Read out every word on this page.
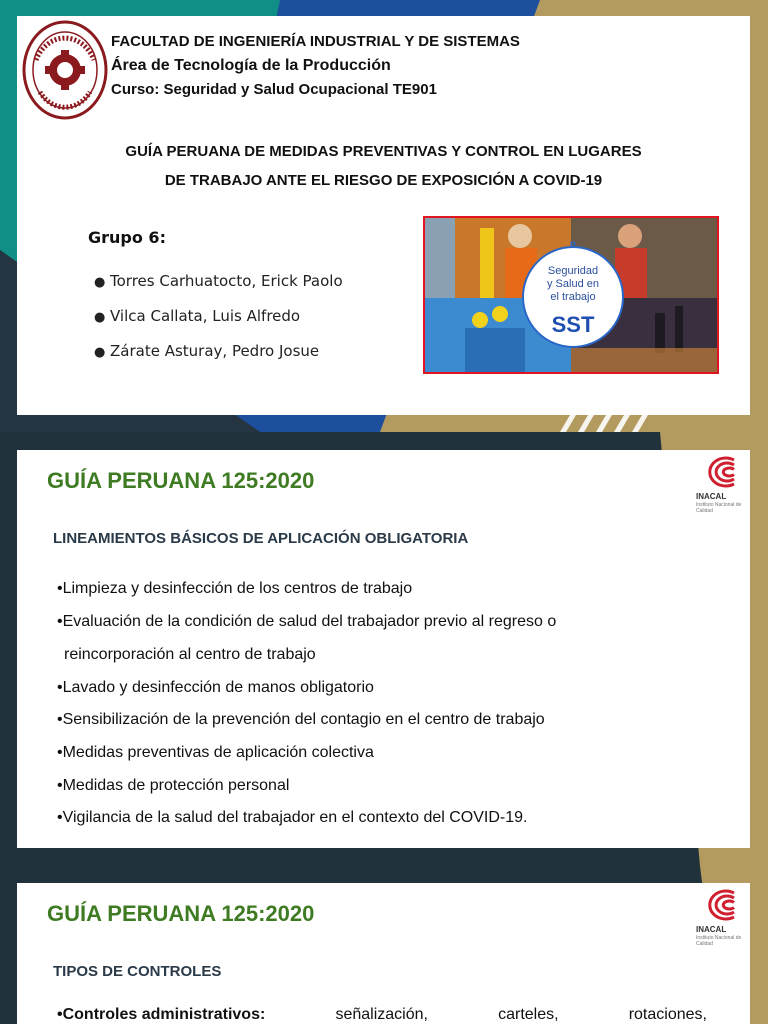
FACULTAD DE INGENIERÍA INDUSTRIAL Y DE SISTEMAS
Área de Tecnología de la Producción
Curso: Seguridad y Salud Ocupacional TE901
GUÍA PERUANA DE MEDIDAS PREVENTIVAS Y CONTROL EN LUGARES
DE TRABAJO ANTE EL RIESGO DE EXPOSICIÓN A COVID-19
Grupo 6:
● Torres Carhuatocto, Erick Paolo
● Vilca Callata, Luis Alfredo
● Zárate Asturay, Pedro Josue
P
Seguridad
y Salud en
el trabajo
SST
GUÍA PERUANA 125:2020
LINEAMIENTOS BÁSICOS DE APLICACIÓN OBLIGATORIA
•Limpieza y desinfección de los centros de trabajo
•Evaluación de la condición de salud del trabajador previo al regreso o
reincorporación al centro de trabajo
•Lavado y desinfección de manos obligatorio
•Sensibilización de la prevención del contagio en el centro de trabajo
•Medidas preventivas de aplicación colectiva
•Medidas de protección personal
•Vigilancia de la salud del trabajador en el contexto del COVID-19.
INACAL
Instituto Nacional de Calidad
GUÍA PERUANA 125:2020
TIPOS DE CONTROLES
•Controles administrativos:	señalización,	carteles,	rotaciones,
INACAL
Instituto Nacional de Calidad
